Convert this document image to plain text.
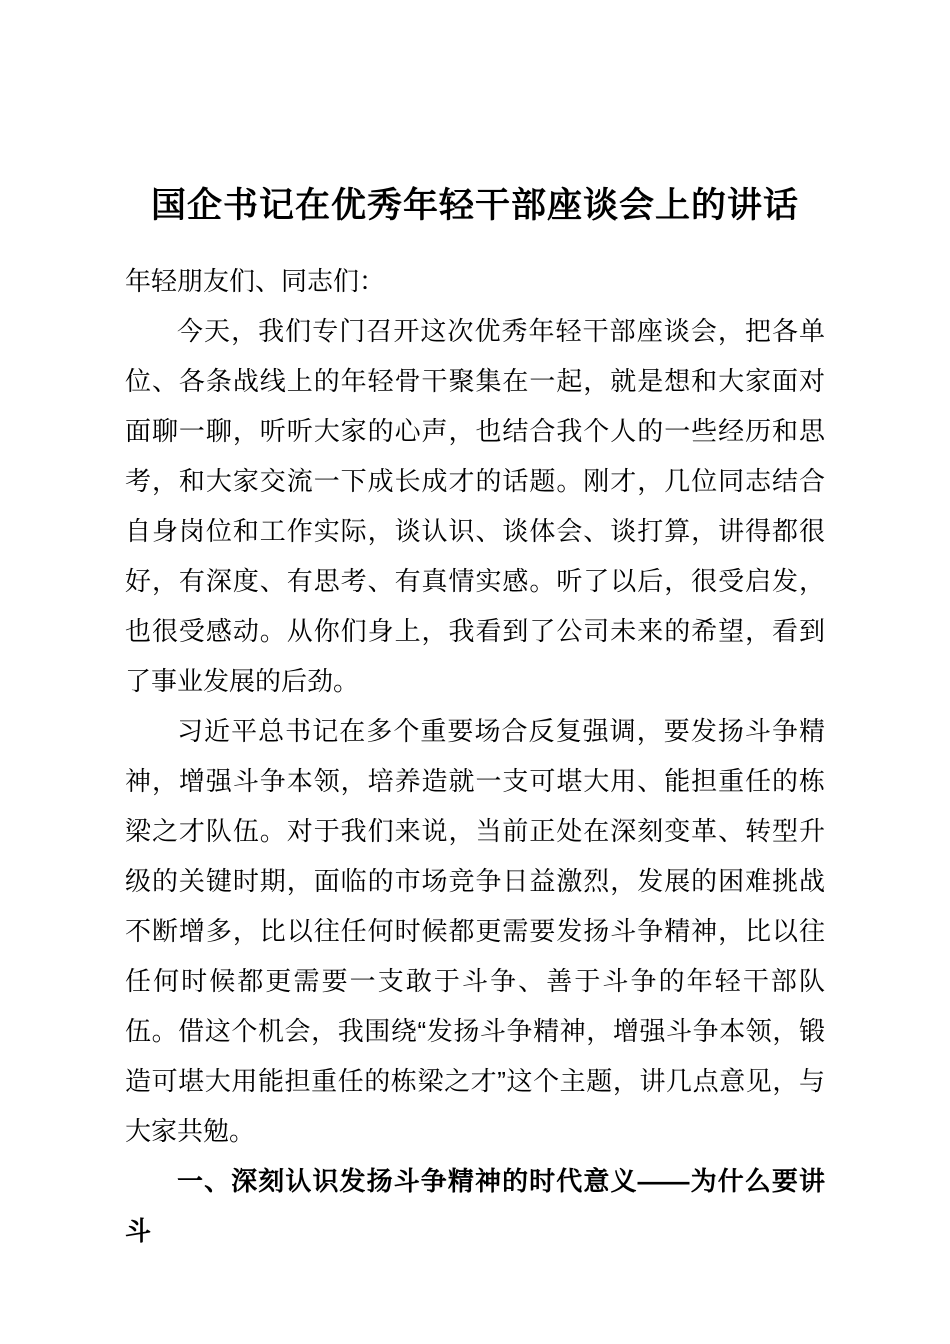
国企书记在优秀年轻干部座谈会上的讲话

年轻朋友们、同志们：

今天，我们专门召开这次优秀年轻干部座谈会，把各单位、各条战线上的年轻骨干聚集在一起，就是想和大家面对面聊一聊，听听大家的心声，也结合我个人的一些经历和思考，和大家交流一下成长成才的话题。刚才，几位同志结合自身岗位和工作实际，谈认识、谈体会、谈打算，讲得都很好，有深度、有思考、有真情实感。听了以后，很受启发，也很受感动。从你们身上，我看到了公司未来的希望，看到了事业发展的后劲。

习近平总书记在多个重要场合反复强调，要发扬斗争精神，增强斗争本领，培养造就一支可堪大用、能担重任的栋梁之才队伍。对于我们来说，当前正处在深刻变革、转型升级的关键时期，面临的市场竞争日益激烈，发展的困难挑战不断增多，比以往任何时候都更需要发扬斗争精神，比以往任何时候都更需要一支敢于斗争、善于斗争的年轻干部队伍。借这个机会，我围绕“发扬斗争精神，增强斗争本领，锻造可堪大用能担重任的栋梁之才”这个主题，讲几点意见，与大家共勉。

一、深刻认识发扬斗争精神的时代意义——为什么要讲斗
